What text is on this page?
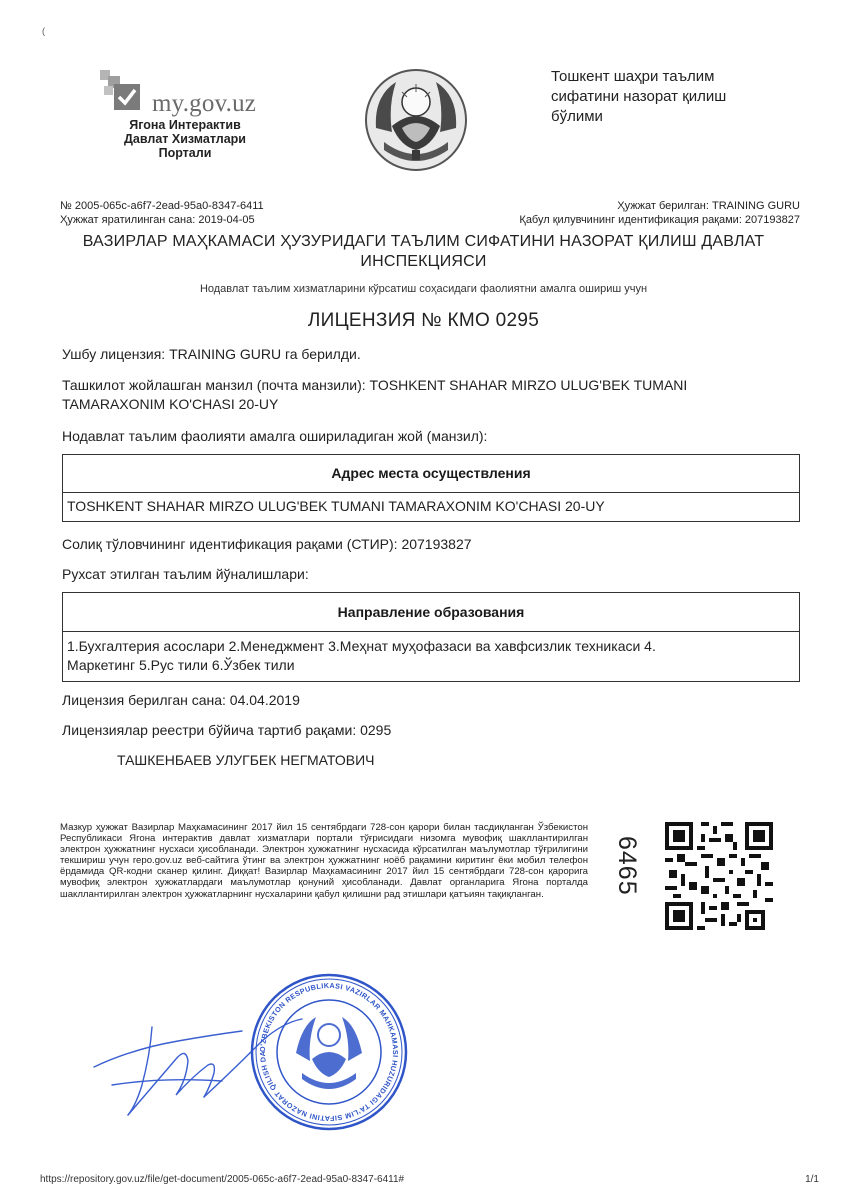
(
my.gov.uz
Ягона Интерактив
Давлат Хизматлари
Портали
Тошкент шаҳри таълим
сифатини назорат қилиш
бўлими
№ 2005-065c-a6f7-2ead-95a0-8347-6411
Ҳужжат яратилинган сана: 2019-04-05
Ҳужжат берилган: TRAINING GURU
Қабул қилувчининг идентификация рақами: 207193827
ВАЗИРЛАР МАҲКАМАСИ ҲУЗУРИДАГИ ТАЪЛИМ СИФАТИНИ НАЗОРАТ ҚИЛИШ ДАВЛАТ
ИНСПЕКЦИЯСИ
Нодавлат таълим хизматларини кўрсатиш соҳасидаги фаолиятни амалга ошириш учун
ЛИЦЕНЗИЯ № КМО 0295
Ушбу лицензия: TRAINING GURU га берилди.
Ташкилот жойлашган манзил (почта манзили): TOSHKENT SHAHAR MIRZO ULUG'BEK TUMANI
TAMARAXONIM KO'CHASI 20-UY
Нодавлат таълим фаолияти амалга ошириладиган жой (манзил):
Адрес места осуществления
TOSHKENT SHAHAR MIRZO ULUG'BEK TUMANI TAMARAXONIM KO'CHASI 20-UY
Солиқ тўловчининг идентификация рақами (СТИР): 207193827
Рухсат этилган таълим йўналишлари:
Направление образования
1.Бухгалтерия асослари 2.Менеджмент 3.Меҳнат муҳофазаси ва хавфсизлик техникаси 4.
Маркетинг 5.Рус тили 6.Ўзбек тили
Лицензия берилган сана: 04.04.2019
Лицензиялар реестри бўйича тартиб рақами: 0295
ТАШКЕНБАЕВ УЛУГБЕК НЕГМАТОВИЧ
Мазкур ҳужжат Вазирлар Маҳкамасининг 2017 йил 15 сентябрдаги 728-сон қарори билан тасдиқланган Ўзбекистон Республикаси Ягона интерактив давлат хизматлари портали тўғрисидаги низомга мувофиқ шакллантирилган электрон ҳужжатнинг нусхаси ҳисобланади. Электрон ҳужжатнинг нусхасида кўрсатилган маълумотлар тўғрилигини текшириш учун repo.gov.uz веб-сайтига ўтинг ва электрон ҳужжатнинг ноёб рақамини киритинг ёки мобил телефон ёрдамида QR-кодни сканер қилинг. Диққат! Вазирлар Маҳкамасининг 2017 йил 15 сентябрдаги 728-сон қарорига мувофиқ электрон ҳужжатлардаги маълумотлар қонуний ҳисобланади. Давлат органларига Ягона порталда шакллантирилган электрон ҳужжатларнинг нусхаларини қабул қилишни рад этишлари қатъиян тақиқланган.	6465
O'ZBEKISTON RESPUBLIKASI VAZIRLAR MAHKAMASI HUZURIDAGI TA'LIM SIFATINI NAZORAT QILISH DA
https://repository.gov.uz/file/get-document/2005-065c-a6f7-2ead-95a0-8347-6411#	1/1
